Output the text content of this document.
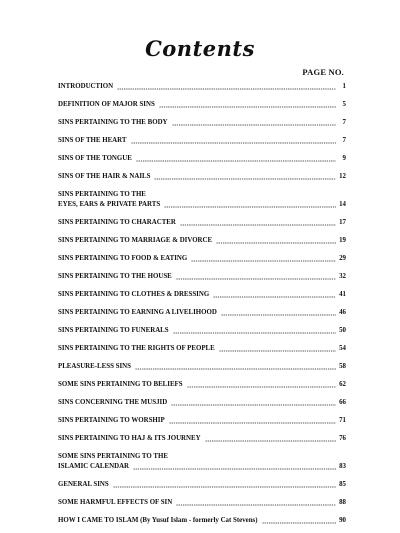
Contents
PAGE NO.
INTRODUCTION	1
DEFINITION OF MAJOR SINS	5
SINS PERTAINING TO THE BODY	7
SINS OF THE HEART	7
SINS OF THE TONGUE	9
SINS OF THE HAIR & NAILS	12
SINS PERTAINING TO THE
EYES, EARS & PRIVATE PARTS	14
SINS PERTAINING TO CHARACTER	17
SINS PERTAINING TO MARRIAGE & DIVORCE	19
SINS PERTAINING TO FOOD & EATING	29
SINS PERTAINING TO THE HOUSE	32
SINS PERTAINING TO CLOTHES & DRESSING	41
SINS PERTAINING TO EARNING A LIVELIHOOD	46
SINS PERTAINING TO FUNERALS	50
SINS PERTAINING TO THE RIGHTS OF PEOPLE	54
PLEASURE-LESS SINS	58
SOME SINS PERTAINING TO BELIEFS	62
SINS CONCERNING THE MUSJID	66
SINS PERTAINING TO WORSHIP	71
SINS PERTAINING TO HAJ & ITS JOURNEY	76
SOME SINS PERTAINING TO THE
ISLAMIC CALENDAR	83
GENERAL SINS	85
SOME HARMFUL EFFECTS OF SIN	88
HOW I CAME TO ISLAM (By Yusuf Islam - formerly Cat Stevens)	90
